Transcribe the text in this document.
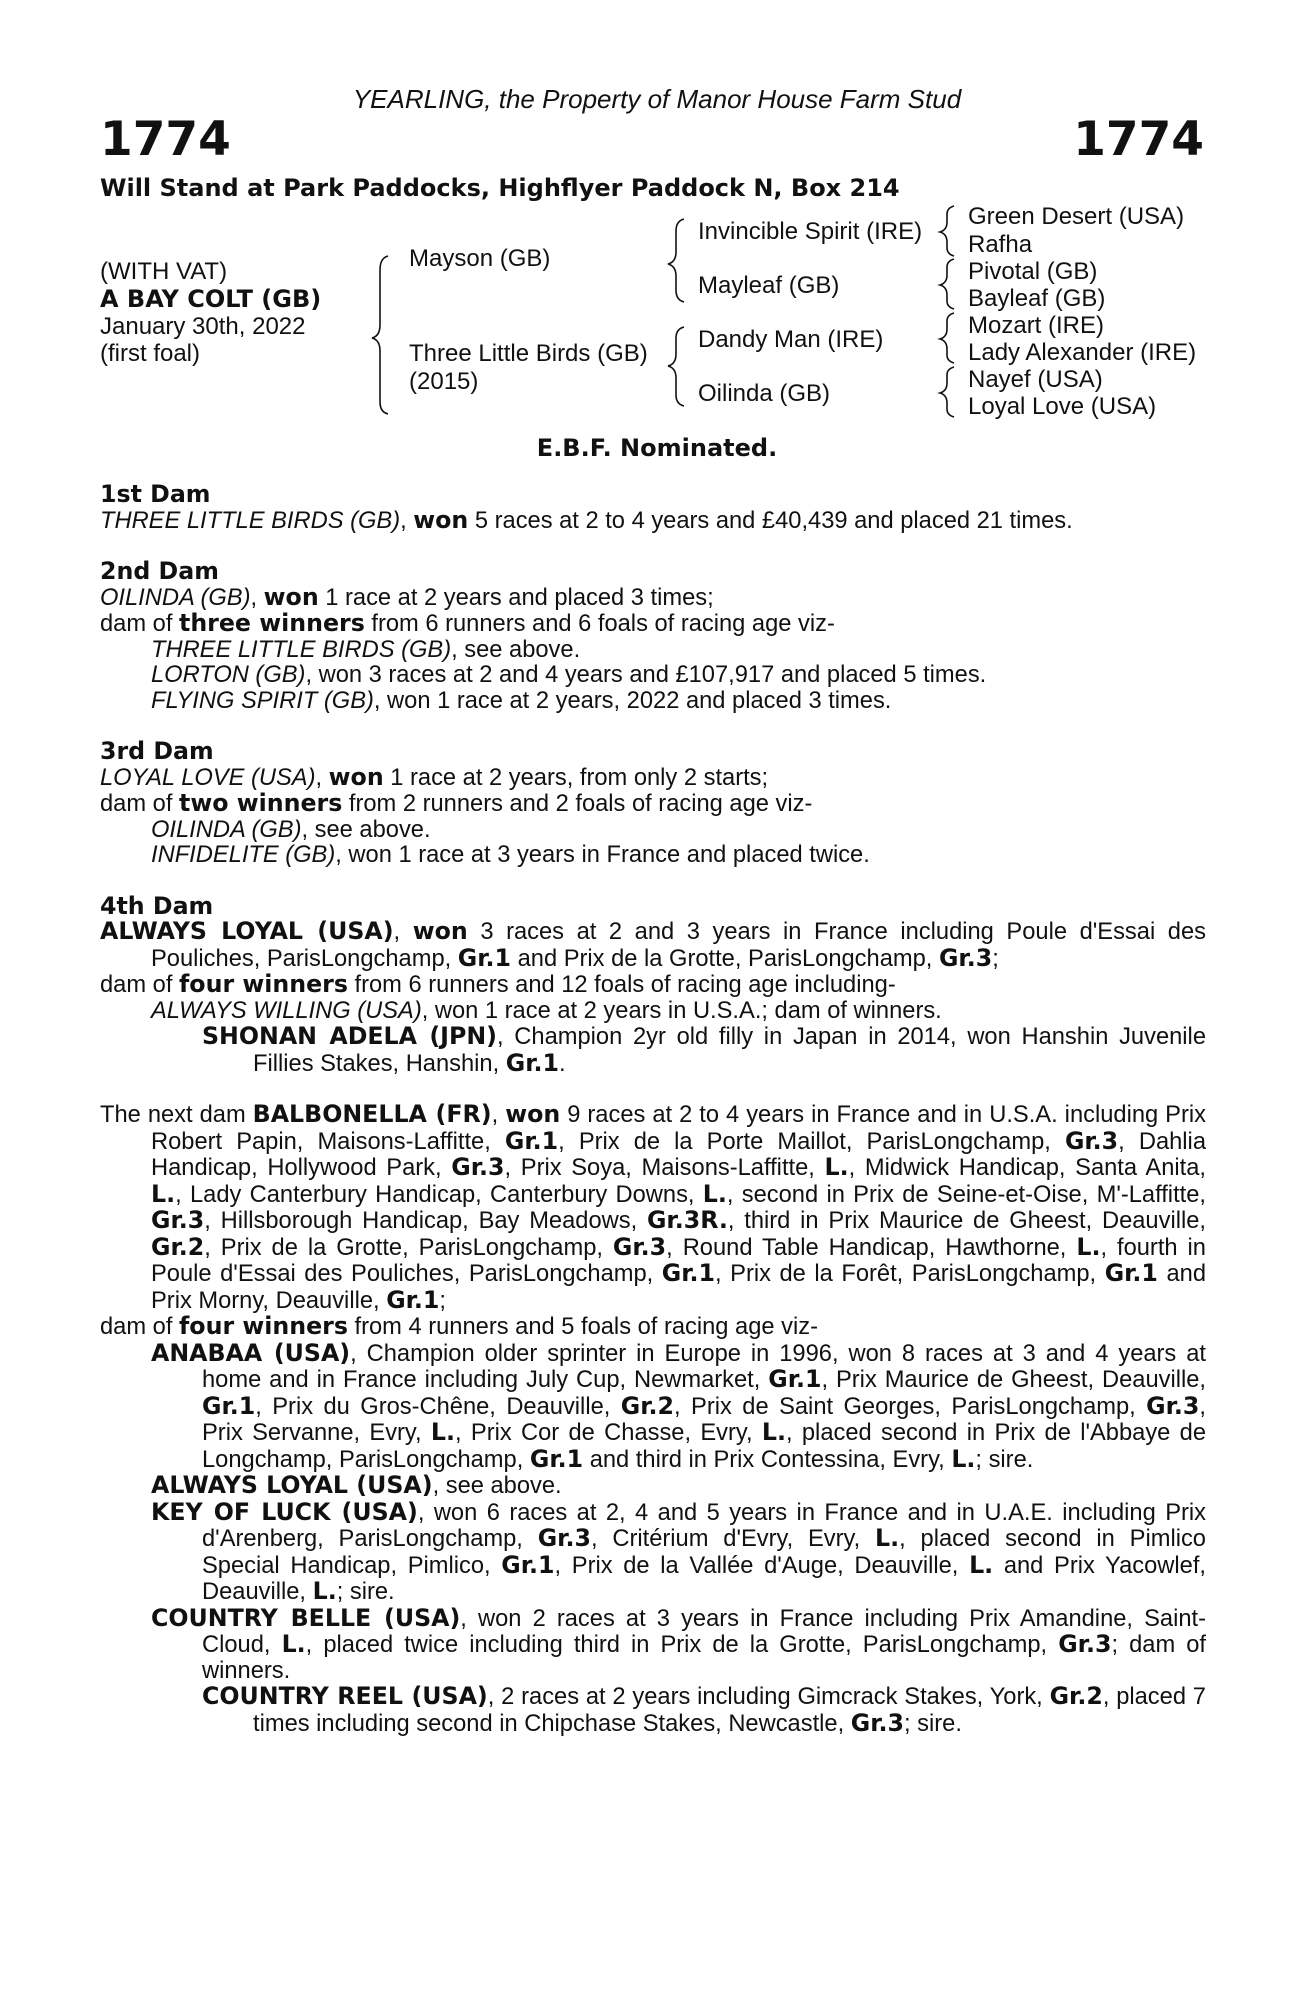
YEARLING, the Property of Manor House Farm Stud
1774	1774
Will Stand at Park Paddocks, Highflyer Paddock N, Box 214
(WITH VAT)
A BAY COLT (GB)
January 30th, 2022
(first foal)
Mayson (GB)
Three Little Birds (GB)
(2015)
Invincible Spirit (IRE)
Mayleaf (GB)
Dandy Man (IRE)
Oilinda (GB)
Green Desert (USA)
Rafha
Pivotal (GB)
Bayleaf (GB)
Mozart (IRE)
Lady Alexander (IRE)
Nayef (USA)
Loyal Love (USA)
E.B.F. Nominated.
1st Dam
THREE LITTLE BIRDS (GB), won 5 races at 2 to 4 years and £40,439 and placed 21 times.
2nd Dam
OILINDA (GB), won 1 race at 2 years and placed 3 times;
dam of three winners from 6 runners and 6 foals of racing age viz-
THREE LITTLE BIRDS (GB), see above.
LORTON (GB), won 3 races at 2 and 4 years and £107,917 and placed 5 times.
FLYING SPIRIT (GB), won 1 race at 2 years, 2022 and placed 3 times.
3rd Dam
LOYAL LOVE (USA), won 1 race at 2 years, from only 2 starts;
dam of two winners from 2 runners and 2 foals of racing age viz-
OILINDA (GB), see above.
INFIDELITE (GB), won 1 race at 3 years in France and placed twice.
4th Dam
ALWAYS LOYAL (USA), won 3 races at 2 and 3 years in France including Poule d'Essai des Pouliches, ParisLongchamp, Gr.1 and Prix de la Grotte, ParisLongchamp, Gr.3;
dam of four winners from 6 runners and 12 foals of racing age including-
ALWAYS WILLING (USA), won 1 race at 2 years in U.S.A.; dam of winners.
SHONAN ADELA (JPN), Champion 2yr old filly in Japan in 2014, won Hanshin Juvenile Fillies Stakes, Hanshin, Gr.1.
The next dam BALBONELLA (FR), won 9 races at 2 to 4 years in France and in U.S.A. including Prix Robert Papin, Maisons-Laffitte, Gr.1, Prix de la Porte Maillot, ParisLongchamp, Gr.3, Dahlia Handicap, Hollywood Park, Gr.3, Prix Soya, Maisons-Laffitte, L., Midwick Handicap, Santa Anita, L., Lady Canterbury Handicap, Canterbury Downs, L., second in Prix de Seine-et-Oise, M'-Laffitte, Gr.3, Hillsborough Handicap, Bay Meadows, Gr.3R., third in Prix Maurice de Gheest, Deauville, Gr.2, Prix de la Grotte, ParisLongchamp, Gr.3, Round Table Handicap, Hawthorne, L., fourth in Poule d'Essai des Pouliches, ParisLongchamp, Gr.1, Prix de la Forêt, ParisLongchamp, Gr.1 and Prix Morny, Deauville, Gr.1;
dam of four winners from 4 runners and 5 foals of racing age viz-
ANABAA (USA), Champion older sprinter in Europe in 1996, won 8 races at 3 and 4 years at home and in France including July Cup, Newmarket, Gr.1, Prix Maurice de Gheest, Deauville, Gr.1, Prix du Gros-Chêne, Deauville, Gr.2, Prix de Saint Georges, ParisLongchamp, Gr.3, Prix Servanne, Evry, L., Prix Cor de Chasse, Evry, L., placed second in Prix de l'Abbaye de Longchamp, ParisLongchamp, Gr.1 and third in Prix Contessina, Evry, L.; sire.
ALWAYS LOYAL (USA), see above.
KEY OF LUCK (USA), won 6 races at 2, 4 and 5 years in France and in U.A.E. including Prix d'Arenberg, ParisLongchamp, Gr.3, Critérium d'Evry, Evry, L., placed second in Pimlico Special Handicap, Pimlico, Gr.1, Prix de la Vallée d'Auge, Deauville, L. and Prix Yacowlef, Deauville, L.; sire.
COUNTRY BELLE (USA), won 2 races at 3 years in France including Prix Amandine, Saint-Cloud, L., placed twice including third in Prix de la Grotte, ParisLongchamp, Gr.3; dam of winners.
COUNTRY REEL (USA), 2 races at 2 years including Gimcrack Stakes, York, Gr.2, placed 7 times including second in Chipchase Stakes, Newcastle, Gr.3; sire.
